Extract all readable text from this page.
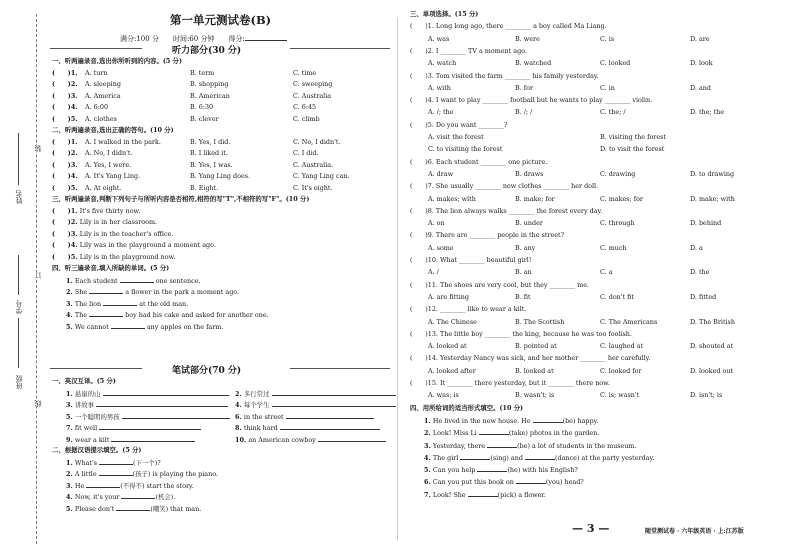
班级
姓名
学号
装
订
线
第一单元测试卷(B)
满分:100 分　　时间:60 分钟　　得分:
听力部分(30 分)
一、听两遍录音,选出你所听到的内容。(5 分)
(　　)1. A. turn	B. term	C. time
(　　)2. A. sleeping	B. shopping	C. sweeping
(　　)3. A. America	B. American	C. Australia
(　　)4. A. 6:00	B. 6:30	C. 6:45
(　　)5. A. clothes	B. clever	C. climb
二、听两遍录音,选出正确的答句。(10 分)
(　　)1. A. I walked in the park.	B. Yes, I did.	C. No, I didn't.
(　　)2. A. No, I didn't.	B. I liked it.	C. I did.
(　　)3. A. Yes, I were.	B. Yes, I was.	C. Australia.
(　　)4. A. It's Yang Ling.	B. Yang Ling does.	C. Yang Ling can.
(　　)5. A. At eight.	B. Eight.	C. It's eight.
三、听两遍录音,判断下列句子与所听内容是否相符,相符的写"T",不相符的写"F"。(10 分)
(　　)1. It's five thirty now.
(　　)2. Lily is in her classroom.
(　　)3. Lily is in the teacher's office.
(　　)4. Lily was in the playground a moment ago.
(　　)5. Lily is in the playground now.
四、听三遍录音,填入所缺的单词。(5 分)
1. Each student	one sentence.
2. She	a flower in the park a moment ago.
3. The lion	at the old man.
4. The	boy had his cake and asked for another one.
5. We cannot	any apples on the farm.
一、英汉互译。(5 分)
1. 悬崖的山	2. 多行常过
3. 讲故事	4. 每个学生
5. 一个聪明的男孩	6. in the street
7. fit well	8. think hard
9. wear a kilt	10. an American cowboy
二、根据汉语提示填空。(5 分)
1. What's	(下一个)?
2. A little	(孩子) is playing the piano.
3. He	(不得不) start the story.
4. Now, it's your	(机会).
5. Please don't	(嘲笑) that man.
笔试部分(70 分)
三、单项选择。(15 分)
(　　)1. Long long ago, there ________ a boy called Ma Liang.
A. was	B. were	C. is	D. are
(　　)2. I ________ TV a moment ago.
A. watch	B. watched	C. looked	D. look
(　　)3. Tom visited the farm ________ his family yesterday.
A. with	B. for	C. in	D. and
(　　)4. I want to play ________ football but he wants to play ________ violin.
A. /; the	B. /; /	C. the; /	D. the; the
(　　)5. Do you want ________?
A. visit the forest	B. visiting the forest
C. to visiting the forest	D. to visit the forest
(　　)6. Each student ________ one picture.
A. draw	B. draws	C. drawing	D. to drawing
(　　)7. She usually ________ new clothes ________ her doll.
A. makes; with	B. make; for	C. makes; for	D. make; with
(　　)8. The lion always walks ________ the forest every day.
A. on	B. under	C. through	D. behind
(　　)9. There are ________ people in the street?
A. some	B. any	C. much	D. a
(　　)10. What ________ beautiful girl!
A. /	B. an	C. a	D. the
(　　)11. The shoes are very cool, but they ________ me.
A. are fitting	B. fit	C. don't fit	D. fitted
(　　)12. ________ like to wear a kilt.
A. The Chinese	B. The Scottish	C. The Americans	D. The British
(　　)13. The little boy ________ the king, because he was too foolish.
A. looked at	B. pointed at	C. laughed at	D. shouted at
(　　)14. Yesterday Nancy was sick, and her mother ________ her carefully.
A. looked after	B. looked at	C. looked for	D. looked out
(　　)15. It ________ there yesterday, but it ________ there now.
A. was; is	B. wasn't; is	C. is; wasn't	D. isn't; is
四、用所给词的适当形式填空。(10 分)
1. He lived in the new house. He	(be) happy.
2. Look! Miss Li	(take) photos in the garden.
3. Yesterday, there	(be) a lot of students in the museum.
4. The girl	(sing) and	(dance) at the party yesterday.
5. Can you help	(he) with his English?
6. Can you put this book on	(you) head?
7. Look! She	(pick) a flower.
— 3 —	随堂测试卷 · 六年级英语 · 上:江苏版
